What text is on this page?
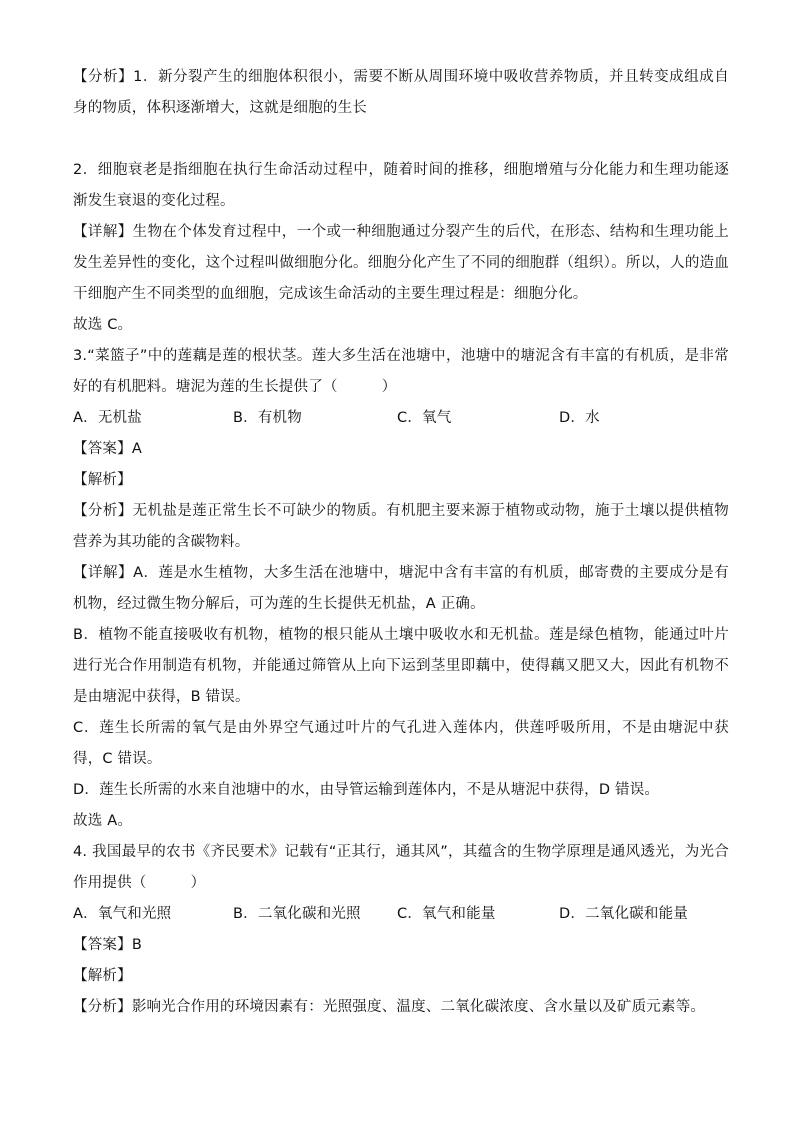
【分析】1．新分裂产生的细胞体积很小，需要不断从周围环境中吸收营养物质，并且转变成组成自身的物质，体积逐渐增大，这就是细胞的生长

2．细胞衰老是指细胞在执行生命活动过程中，随着时间的推移，细胞增殖与分化能力和生理功能逐渐发生衰退的变化过程。

【详解】生物在个体发育过程中，一个或一种细胞通过分裂产生的后代，在形态、结构和生理功能上发生差异性的变化，这个过程叫做细胞分化。细胞分化产生了不同的细胞群（组织）。所以，人的造血干细胞产生不同类型的血细胞，完成该生命活动的主要生理过程是：细胞分化。

故选 C。

3.“菜篮子”中的莲藕是莲的根状茎。莲大多生活在池塘中，池塘中的塘泥含有丰富的有机质，是非常好的有机肥料。塘泥为莲的生长提供了（　　　）

A．无机盐	B．有机物	C．氧气	D．水

【答案】A

【解析】

【分析】无机盐是莲正常生长不可缺少的物质。有机肥主要来源于植物或动物，施于土壤以提供植物营养为其功能的含碳物料。

【详解】A．莲是水生植物，大多生活在池塘中，塘泥中含有丰富的有机质，邮寄费的主要成分是有机物，经过微生物分解后，可为莲的生长提供无机盐，A 正确。

B．植物不能直接吸收有机物，植物的根只能从土壤中吸收水和无机盐。莲是绿色植物，能通过叶片进行光合作用制造有机物，并能通过筛管从上向下运到茎里即藕中，使得藕又肥又大，因此有机物不是由塘泥中获得，B 错误。

C．莲生长所需的氧气是由外界空气通过叶片的气孔进入莲体内，供莲呼吸所用，不是由塘泥中获得，C 错误。

D．莲生长所需的水来自池塘中的水，由导管运输到莲体内，不是从塘泥中获得，D 错误。

故选 A。

4. 我国最早的农书《齐民要术》记载有“正其行，通其风”，其蕴含的生物学原理是通风透光，为光合作用提供（　　　）

A．氧气和光照	B．二氧化碳和光照	C．氧气和能量	D．二氧化碳和能量

【答案】B

【解析】

【分析】影响光合作用的环境因素有：光照强度、温度、二氧化碳浓度、含水量以及矿质元素等。
